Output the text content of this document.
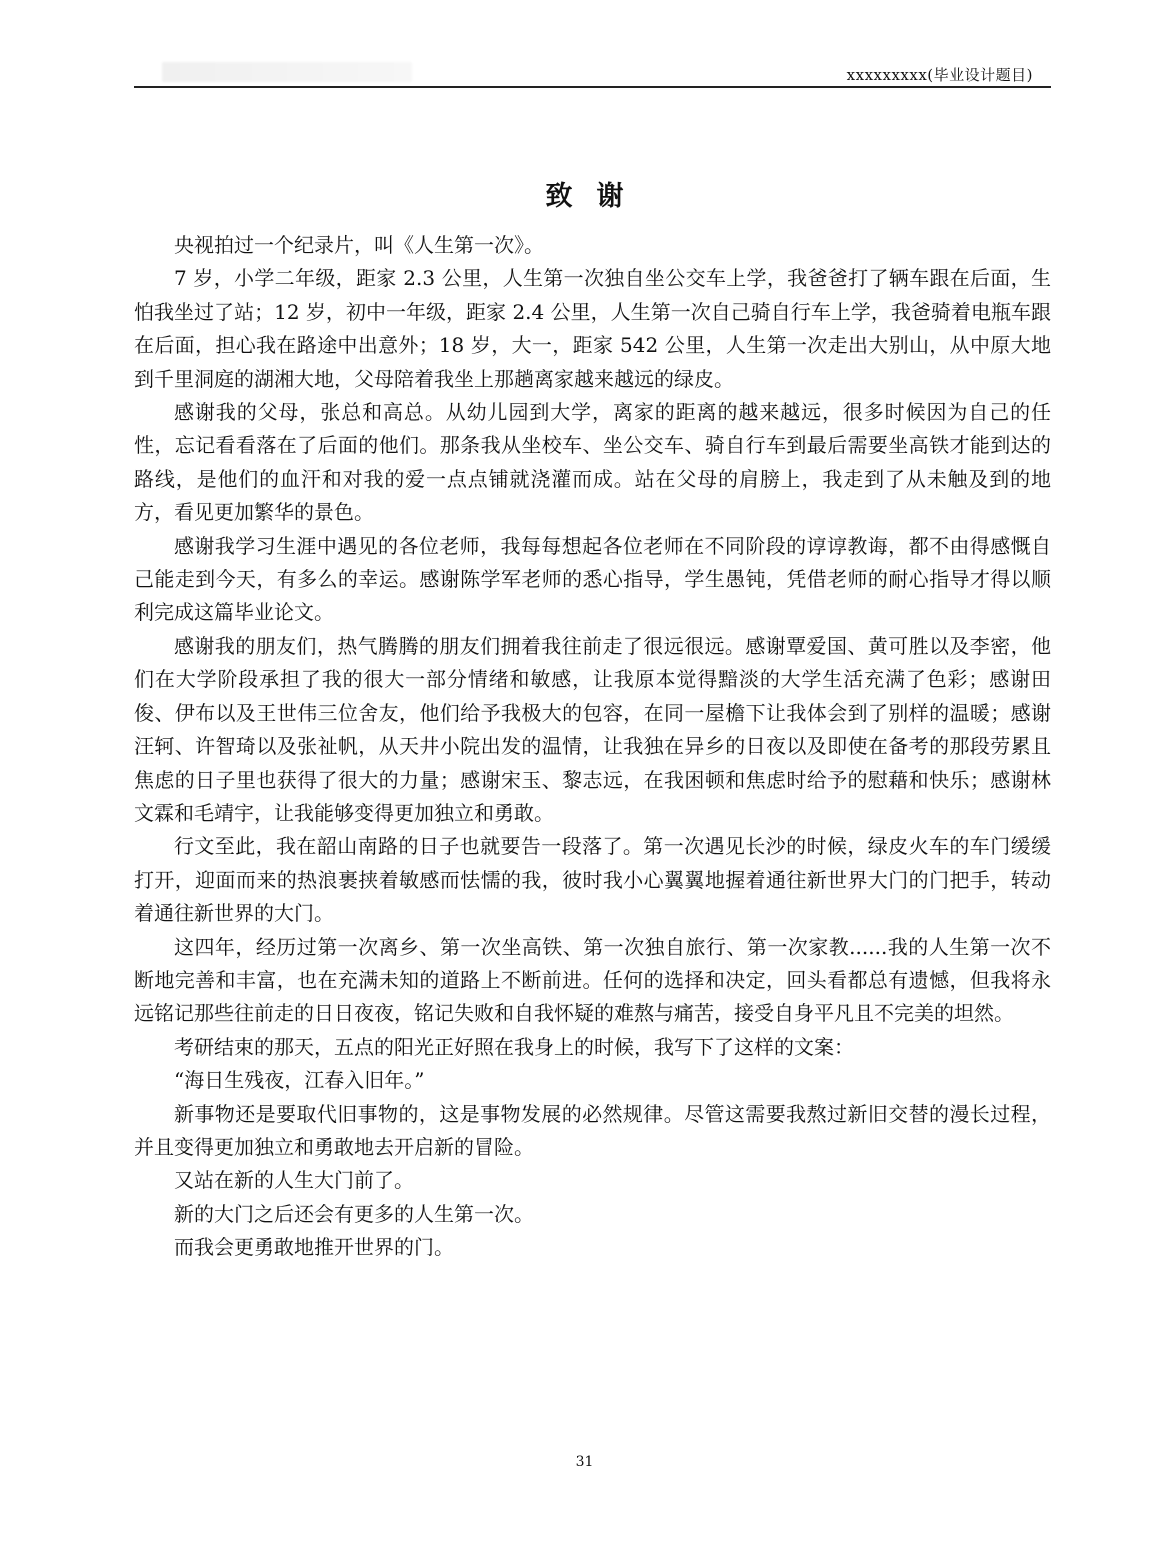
xxxxxxxxx(毕业设计题目)
致谢

央视拍过一个纪录片，叫《人生第一次》。

7 岁，小学二年级，距家 2.3 公里，人生第一次独自坐公交车上学，我爸爸打了辆车跟在后面，生怕我坐过了站；12 岁，初中一年级，距家 2.4 公里，人生第一次自己骑自行车上学，我爸骑着电瓶车跟在后面，担心我在路途中出意外；18 岁，大一，距家 542 公里，人生第一次走出大别山，从中原大地到千里洞庭的湖湘大地，父母陪着我坐上那趟离家越来越远的绿皮。

感谢我的父母，张总和高总。从幼儿园到大学，离家的距离的越来越远，很多时候因为自己的任性，忘记看看落在了后面的他们。那条我从坐校车、坐公交车、骑自行车到最后需要坐高铁才能到达的路线，是他们的血汗和对我的爱一点点铺就浇灌而成。站在父母的肩膀上，我走到了从未触及到的地方，看见更加繁华的景色。

感谢我学习生涯中遇见的各位老师，我每每想起各位老师在不同阶段的谆谆教诲，都不由得感慨自己能走到今天，有多么的幸运。感谢陈学军老师的悉心指导，学生愚钝，凭借老师的耐心指导才得以顺利完成这篇毕业论文。

感谢我的朋友们，热气腾腾的朋友们拥着我往前走了很远很远。感谢覃爱国、黄可胜以及李密，他们在大学阶段承担了我的很大一部分情绪和敏感，让我原本觉得黯淡的大学生活充满了色彩；感谢田俊、伊布以及王世伟三位舍友，他们给予我极大的包容，在同一屋檐下让我体会到了别样的温暖；感谢汪轲、许智琦以及张祉帆，从天井小院出发的温情，让我独在异乡的日夜以及即使在备考的那段劳累且焦虑的日子里也获得了很大的力量；感谢宋玉、黎志远，在我困顿和焦虑时给予的慰藉和快乐；感谢林文霖和毛靖宇，让我能够变得更加独立和勇敢。

行文至此，我在韶山南路的日子也就要告一段落了。第一次遇见长沙的时候，绿皮火车的车门缓缓打开，迎面而来的热浪裹挟着敏感而怯懦的我，彼时我小心翼翼地握着通往新世界大门的门把手，转动着通往新世界的大门。

这四年，经历过第一次离乡、第一次坐高铁、第一次独自旅行、第一次家教......我的人生第一次不断地完善和丰富，也在充满未知的道路上不断前进。任何的选择和决定，回头看都总有遗憾，但我将永远铭记那些往前走的日日夜夜，铭记失败和自我怀疑的难熬与痛苦，接受自身平凡且不完美的坦然。

考研结束的那天，五点的阳光正好照在我身上的时候，我写下了这样的文案：

“海日生残夜，江春入旧年。”

新事物还是要取代旧事物的，这是事物发展的必然规律。尽管这需要我熬过新旧交替的漫长过程，并且变得更加独立和勇敢地去开启新的冒险。

又站在新的人生大门前了。

新的大门之后还会有更多的人生第一次。

而我会更勇敢地推开世界的门。

31
